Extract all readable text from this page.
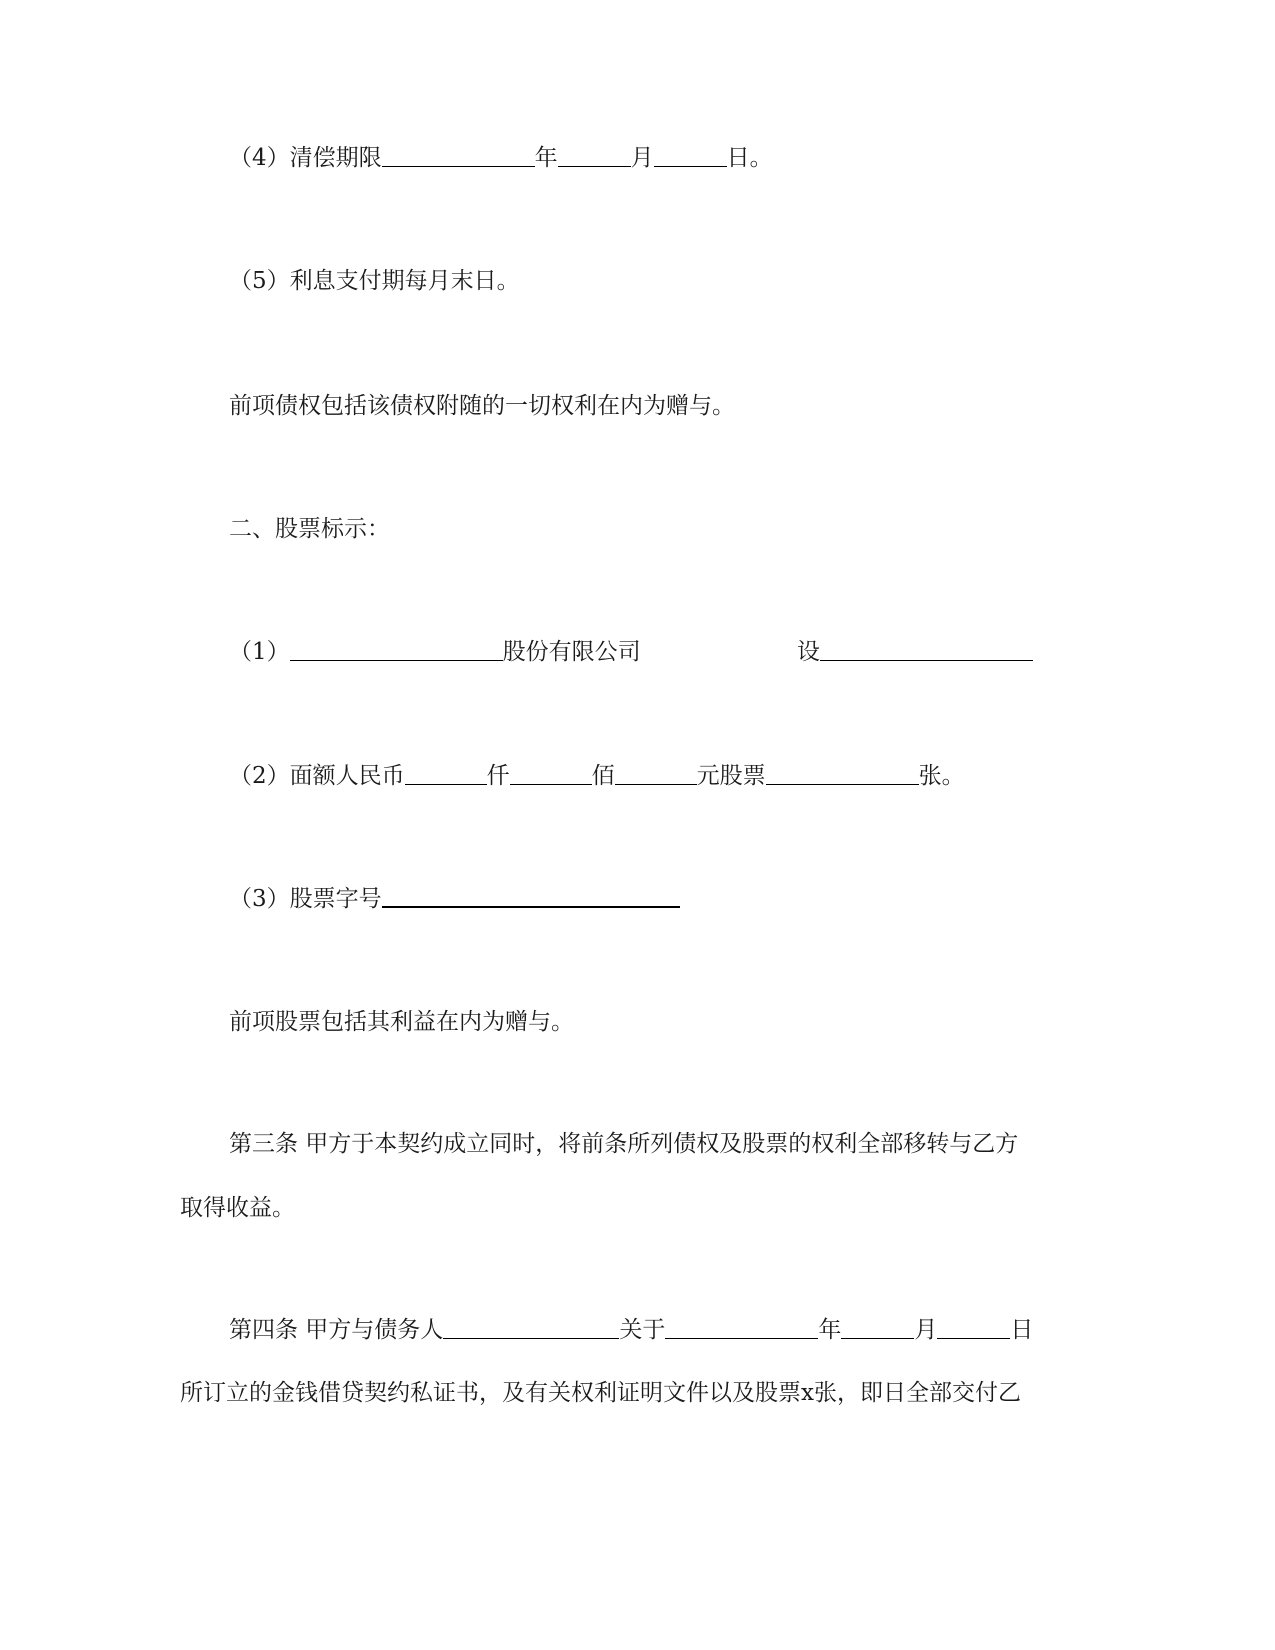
（4）清偿期限	年	月	日。
（5）利息支付期每月末日。
前项债权包括该债权附随的一切权利在内为赠与。
二、股票标示：
（1）	股份有限公司	设
（2）面额人民币	仟	佰	元股票	张。
（3）股票字号
前项股票包括其利益在内为赠与。
第三条 甲方于本契约成立同时，将前条所列债权及股票的权利全部移转与乙方
取得收益。
第四条 甲方与债务人	关于	年	月	日
所订立的金钱借贷契约私证书，及有关权利证明文件以及股票x张，即日全部交付乙
